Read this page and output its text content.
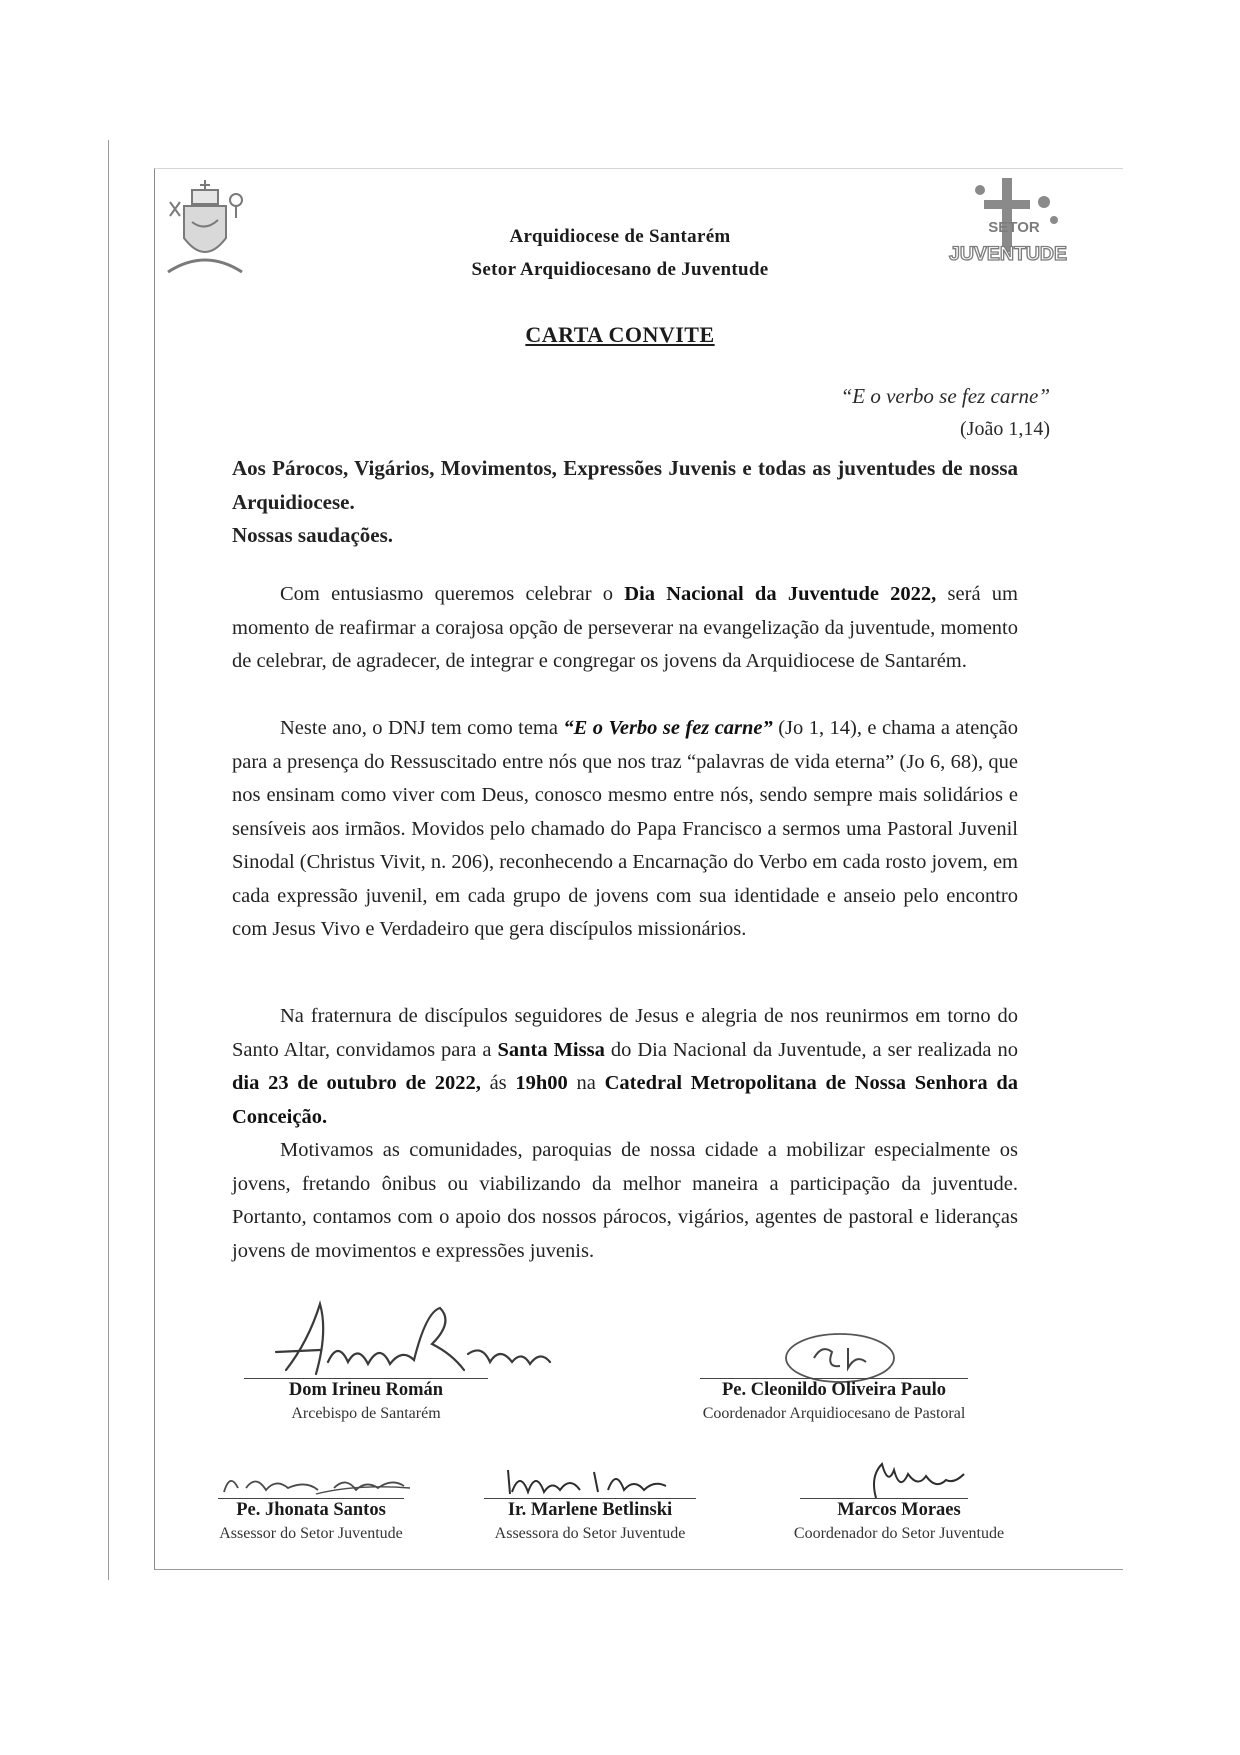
SETOR
JUVENTUDE
Arquidiocese de Santarém
Setor Arquidiocesano de Juventude
CARTA CONVITE
“E o verbo se fez carne”
(João 1,14)

Aos Párocos, Vigários, Movimentos, Expressões Juvenis e todas as juventudes de nossa Arquidiocese.

Nossas saudações.

Com entusiasmo queremos celebrar o Dia Nacional da Juventude 2022, será um momento de reafirmar a corajosa opção de perseverar na evangelização da juventude, momento de celebrar, de agradecer, de integrar e congregar os jovens da Arquidiocese de Santarém.

Neste ano, o DNJ tem como tema “E o Verbo se fez carne” (Jo 1, 14), e chama a atenção para a presença do Ressuscitado entre nós que nos traz “palavras de vida eterna” (Jo 6, 68), que nos ensinam como viver com Deus, conosco mesmo entre nós, sendo sempre mais solidários e sensíveis aos irmãos. Movidos pelo chamado do Papa Francisco a sermos uma Pastoral Juvenil Sinodal (Christus Vivit, n. 206), reconhecendo a Encarnação do Verbo em cada rosto jovem, em cada expressão juvenil, em cada grupo de jovens com sua identidade e anseio pelo encontro com Jesus Vivo e Verdadeiro que gera discípulos missionários.

Na fraternura de discípulos seguidores de Jesus e alegria de nos reunirmos em torno do Santo Altar, convidamos para a Santa Missa do Dia Nacional da Juventude, a ser realizada no dia 23 de outubro de 2022, ás 19h00 na Catedral Metropolitana de Nossa Senhora da Conceição.

Motivamos as comunidades, paroquias de nossa cidade a mobilizar especialmente os jovens, fretando ônibus ou viabilizando da melhor maneira a participação da juventude. Portanto, contamos com o apoio dos nossos párocos, vigários, agentes de pastoral e lideranças jovens de movimentos e expressões juvenis.

Dom Irineu Román
Arcebispo de Santarém
Pe. Cleonildo Oliveira Paulo
Coordenador Arquidiocesano de Pastoral
Pe. Jhonata Santos
Assessor do Setor Juventude
Ir. Marlene Betlinski
Assessora do Setor Juventude
Marcos Moraes
Coordenador do Setor Juventude
